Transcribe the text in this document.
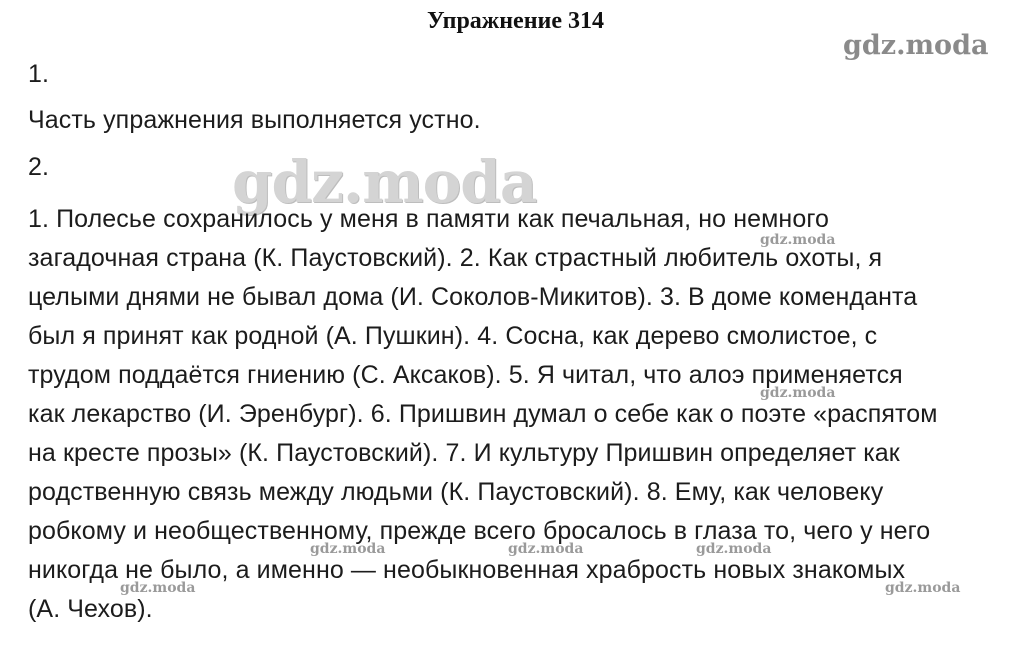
Упражнение 314
gdz.moda
gdz.moda
1.
Часть упражнения выполняется устно.
2.
1. Полесье сохранилось у меня в памяти как печальная, но немного
загадочная страна (К. Паустовский). 2. Как страстный любитель охоты, я
целыми днями не бывал дома (И. Соколов-Микитов). 3. В доме коменданта
был я принят как родной (А. Пушкин). 4. Сосна, как дерево смолистое, с
трудом поддаётся гниению (С. Аксаков). 5. Я читал, что алоэ применяется
как лекарство (И. Эренбург). 6. Пришвин думал о себе как о поэте «распятом
на кресте прозы» (К. Паустовский). 7. И культуру Пришвин определяет как
родственную связь между людьми (К. Паустовский). 8. Ему, как человеку
робкому и необщественному, прежде всего бросалось в глаза то, чего у него
никогда не было, а именно — необыкновенная храбрость новых знакомых
(А. Чехов).
gdz.moda
gdz.moda
gdz.moda	gdz.moda	gdz.moda
gdz.moda	gdz.moda
